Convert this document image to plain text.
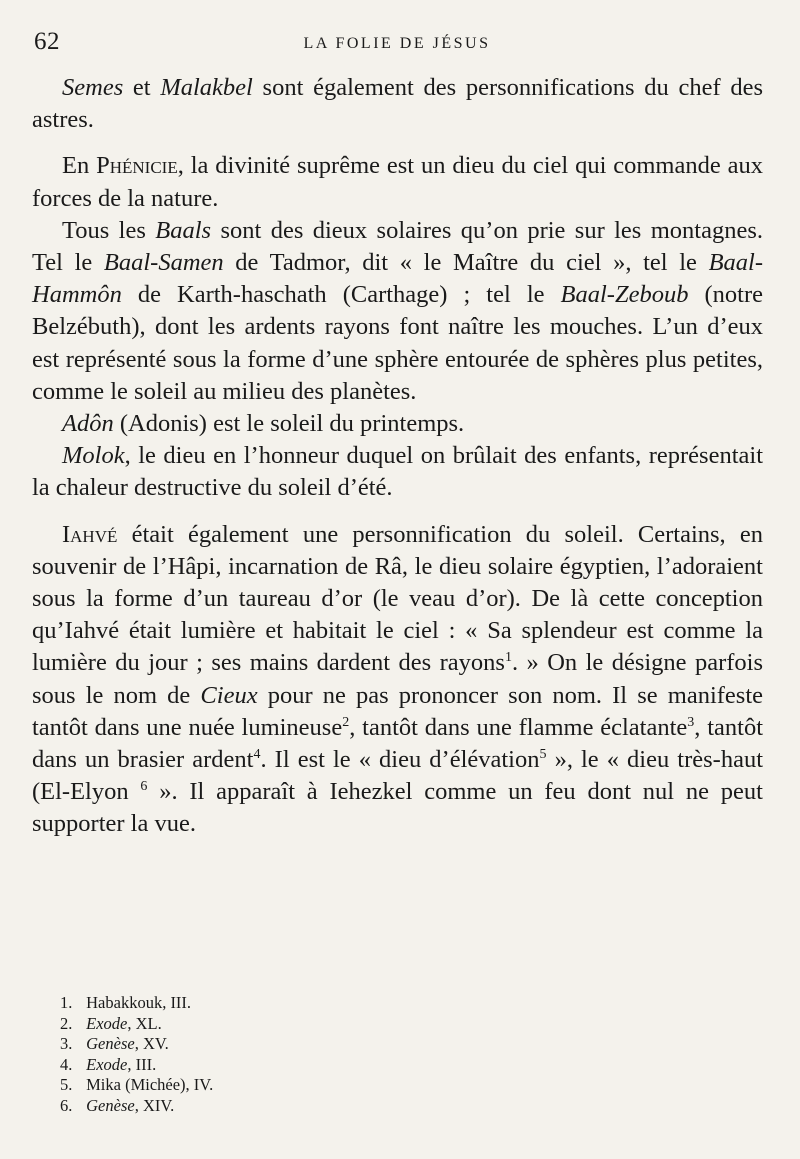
62	LA FOLIE DE JÉSUS

Semes et Malakbel sont également des personnifications du chef des astres.

En Phénicie, la divinité suprême est un dieu du ciel qui commande aux forces de la nature.

Tous les Baals sont des dieux solaires qu’on prie sur les montagnes. Tel le Baal-Samen de Tadmor, dit « le Maître du ciel », tel le Baal-Hammôn de Karth-haschath (Carthage) ; tel le Baal-Zeboub (notre Belzébuth), dont les ardents rayons font naître les mouches. L’un d’eux est représenté sous la forme d’une sphère entourée de sphères plus petites, comme le soleil au milieu des planètes.

Adôn (Adonis) est le soleil du printemps.

Molok, le dieu en l’honneur duquel on brûlait des enfants, représentait la chaleur destructive du soleil d’été.

Iahvé était également une personnification du soleil. Certains, en souvenir de l’Hâpi, incarnation de Râ, le dieu solaire égyptien, l’adoraient sous la forme d’un taureau d’or (le veau d’or). De là cette conception qu’Iahvé était lumière et habitait le ciel : « Sa splendeur est comme la lumière du jour ; ses mains dardent des rayons$^1$. » On le désigne parfois sous le nom de Cieux pour ne pas prononcer son nom. Il se manifeste tantôt dans une nuée lumineuse$^2$, tantôt dans une flamme éclatante$^3$, tantôt dans un brasier ardent$^4$. Il est le « dieu d’élévation$^5$ », le « dieu très-haut (El-Elyon $^6$ ». Il apparaît à Iehezkel comme un feu dont nul ne peut supporter la vue.

1. Habakkouk, III.
2. Exode, XL.
3. Genèse, XV.
4. Exode, III.
5. Mika (Michée), IV.
6. Genèse, XIV.
